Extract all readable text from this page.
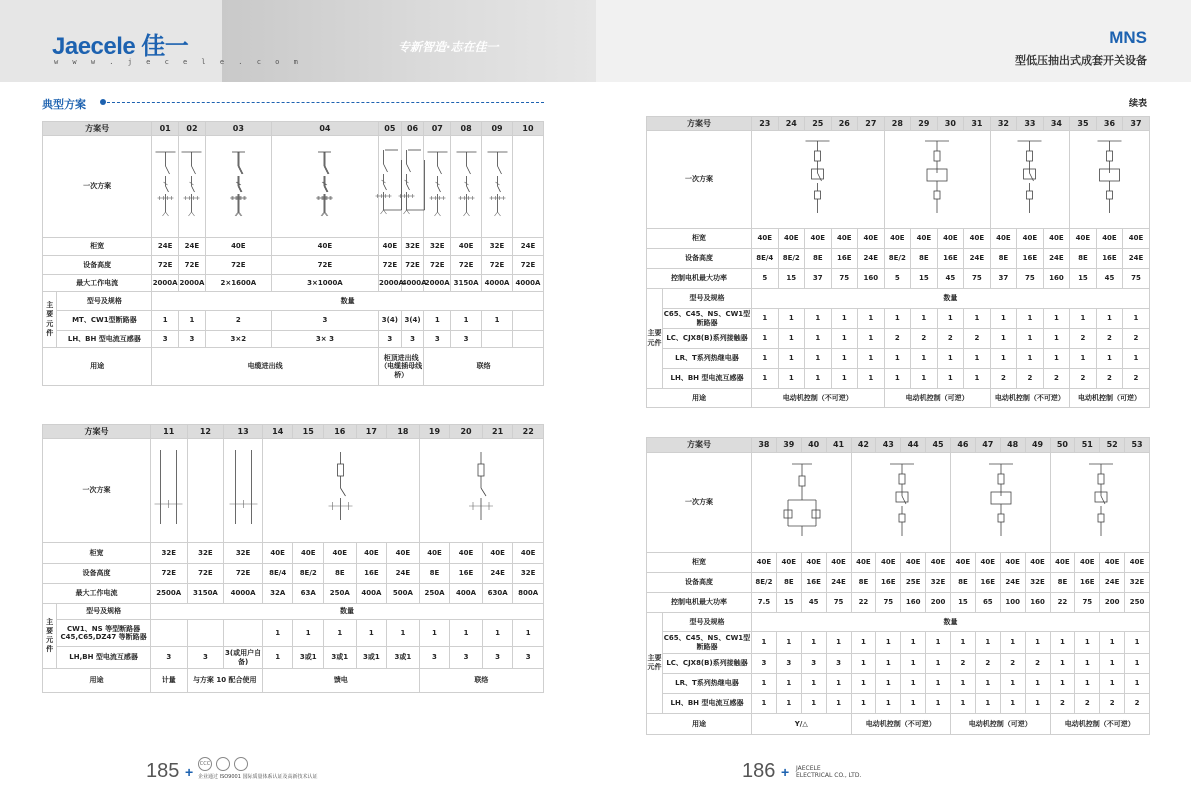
Jaecele 佳一
w w w . j e c e l e . c o m
专新智造·志在佳一
典型方案
方案号		01	02	03	04	05	06	07	08	09	10
一次方案										
柜宽		24E	24E	40E	40E	40E	32E	32E	40E	32E	24E
设备高度		72E	72E	72E	72E	72E	72E	72E	72E	72E	72E
最大工作电流		2000A	2000A	2×1600A	3×1000A	2000A	4000A	2000A	3150A	4000A	4000A
主要元件	型号及规格	数量									
	MT、CW1型断路器	1	1	2	3	3(4)	3(4)	1	1	1	
	LH、BH 型电流互感器	3	3	3×2	3× 3	3	3	3	3		
用途		电缆进出线				柜顶进出线（电缆插母线桥）		联络			
方案号		11	12	13	14	15	16	17	18	19	20	21	22
一次方案					
柜宽		32E	32E	32E	40E	40E	40E	40E	40E	40E	40E	40E	40E
设备高度		72E	72E	72E	8E/4	8E/2	8E	16E	24E	8E	16E	24E	32E
最大工作电流		2500A	3150A	4000A	32A	63A	250A	400A	500A	250A	400A	630A	800A
主要元件	型号及规格	数量											
	CW1、NS 等型断路器 C45,C65,DZ47 等断路器				1	1	1	1	1	1	1	1	1
	LH,BH 型电流互感器	3	3	3(或用户自备)	1	3或1	3或1	3或1	3或1	3	3	3	3
用途		计量	与方案 10 配合使用		馈电					联络			
185 +	CCC
企业通过 ISO9001 国际质量体系认证及高新技术认证
MNS
型低压抽出式成套开关设备
续表
方案号		23	24	25	26	27	28	29	30	31	32	33	34	35	36	37
一次方案				
柜宽		40E	40E	40E	40E	40E	40E	40E	40E	40E	40E	40E	40E	40E	40E	40E
设备高度		8E/4	8E/2	8E	16E	24E	8E/2	8E	16E	24E	8E	16E	24E	8E	16E	24E
控制电机最大功率		5	15	37	75	160	5	15	45	75	37	75	160	15	45	75
主要元件	型号及规格	数量														
	C65、C45、NS、CW1型断路器	1	1	1	1	1	1	1	1	1	1	1	1	1	1	1
	LC、CJX8(B)系列接触器	1	1	1	1	1	2	2	2	2	1	1	1	2	2	2
	LR、T系列热继电器	1	1	1	1	1	1	1	1	1	1	1	1	1	1	1
	LH、BH 型电流互感器	1	1	1	1	1	1	1	1	1	2	2	2	2	2	2
用途		电动机控制（不可逆）					电动机控制（可逆）				电动机控制（不可逆）			电动机控制（可逆）		
方案号		38	39	40	41	42	43	44	45	46	47	48	49	50	51	52	53
一次方案				
柜宽		40E	40E	40E	40E	40E	40E	40E	40E	40E	40E	40E	40E	40E	40E	40E	40E
设备高度		8E/2	8E	16E	24E	8E	16E	25E	32E	8E	16E	24E	32E	8E	16E	24E	32E
控制电机最大功率		7.5	15	45	75	22	75	160	200	15	65	100	160	22	75	200	250
主要元件	型号及规格	数量															
	C65、C45、NS、CW1型断路器	1	1	1	1	1	1	1	1	1	1	1	1	1	1	1	1
	LC、CJX8(B)系列接触器	3	3	3	3	1	1	1	1	2	2	2	2	1	1	1	1
	LR、T系列热继电器	1	1	1	1	1	1	1	1	1	1	1	1	1	1	1	1
	LH、BH 型电流互感器	1	1	1	1	1	1	1	1	1	1	1	1	2	2	2	2
用途		Y/△				电动机控制（不可逆）				电动机控制（可逆）				电动机控制（不可逆）			
186 + JAECELE
ELECTRICAL CO., LTD.
